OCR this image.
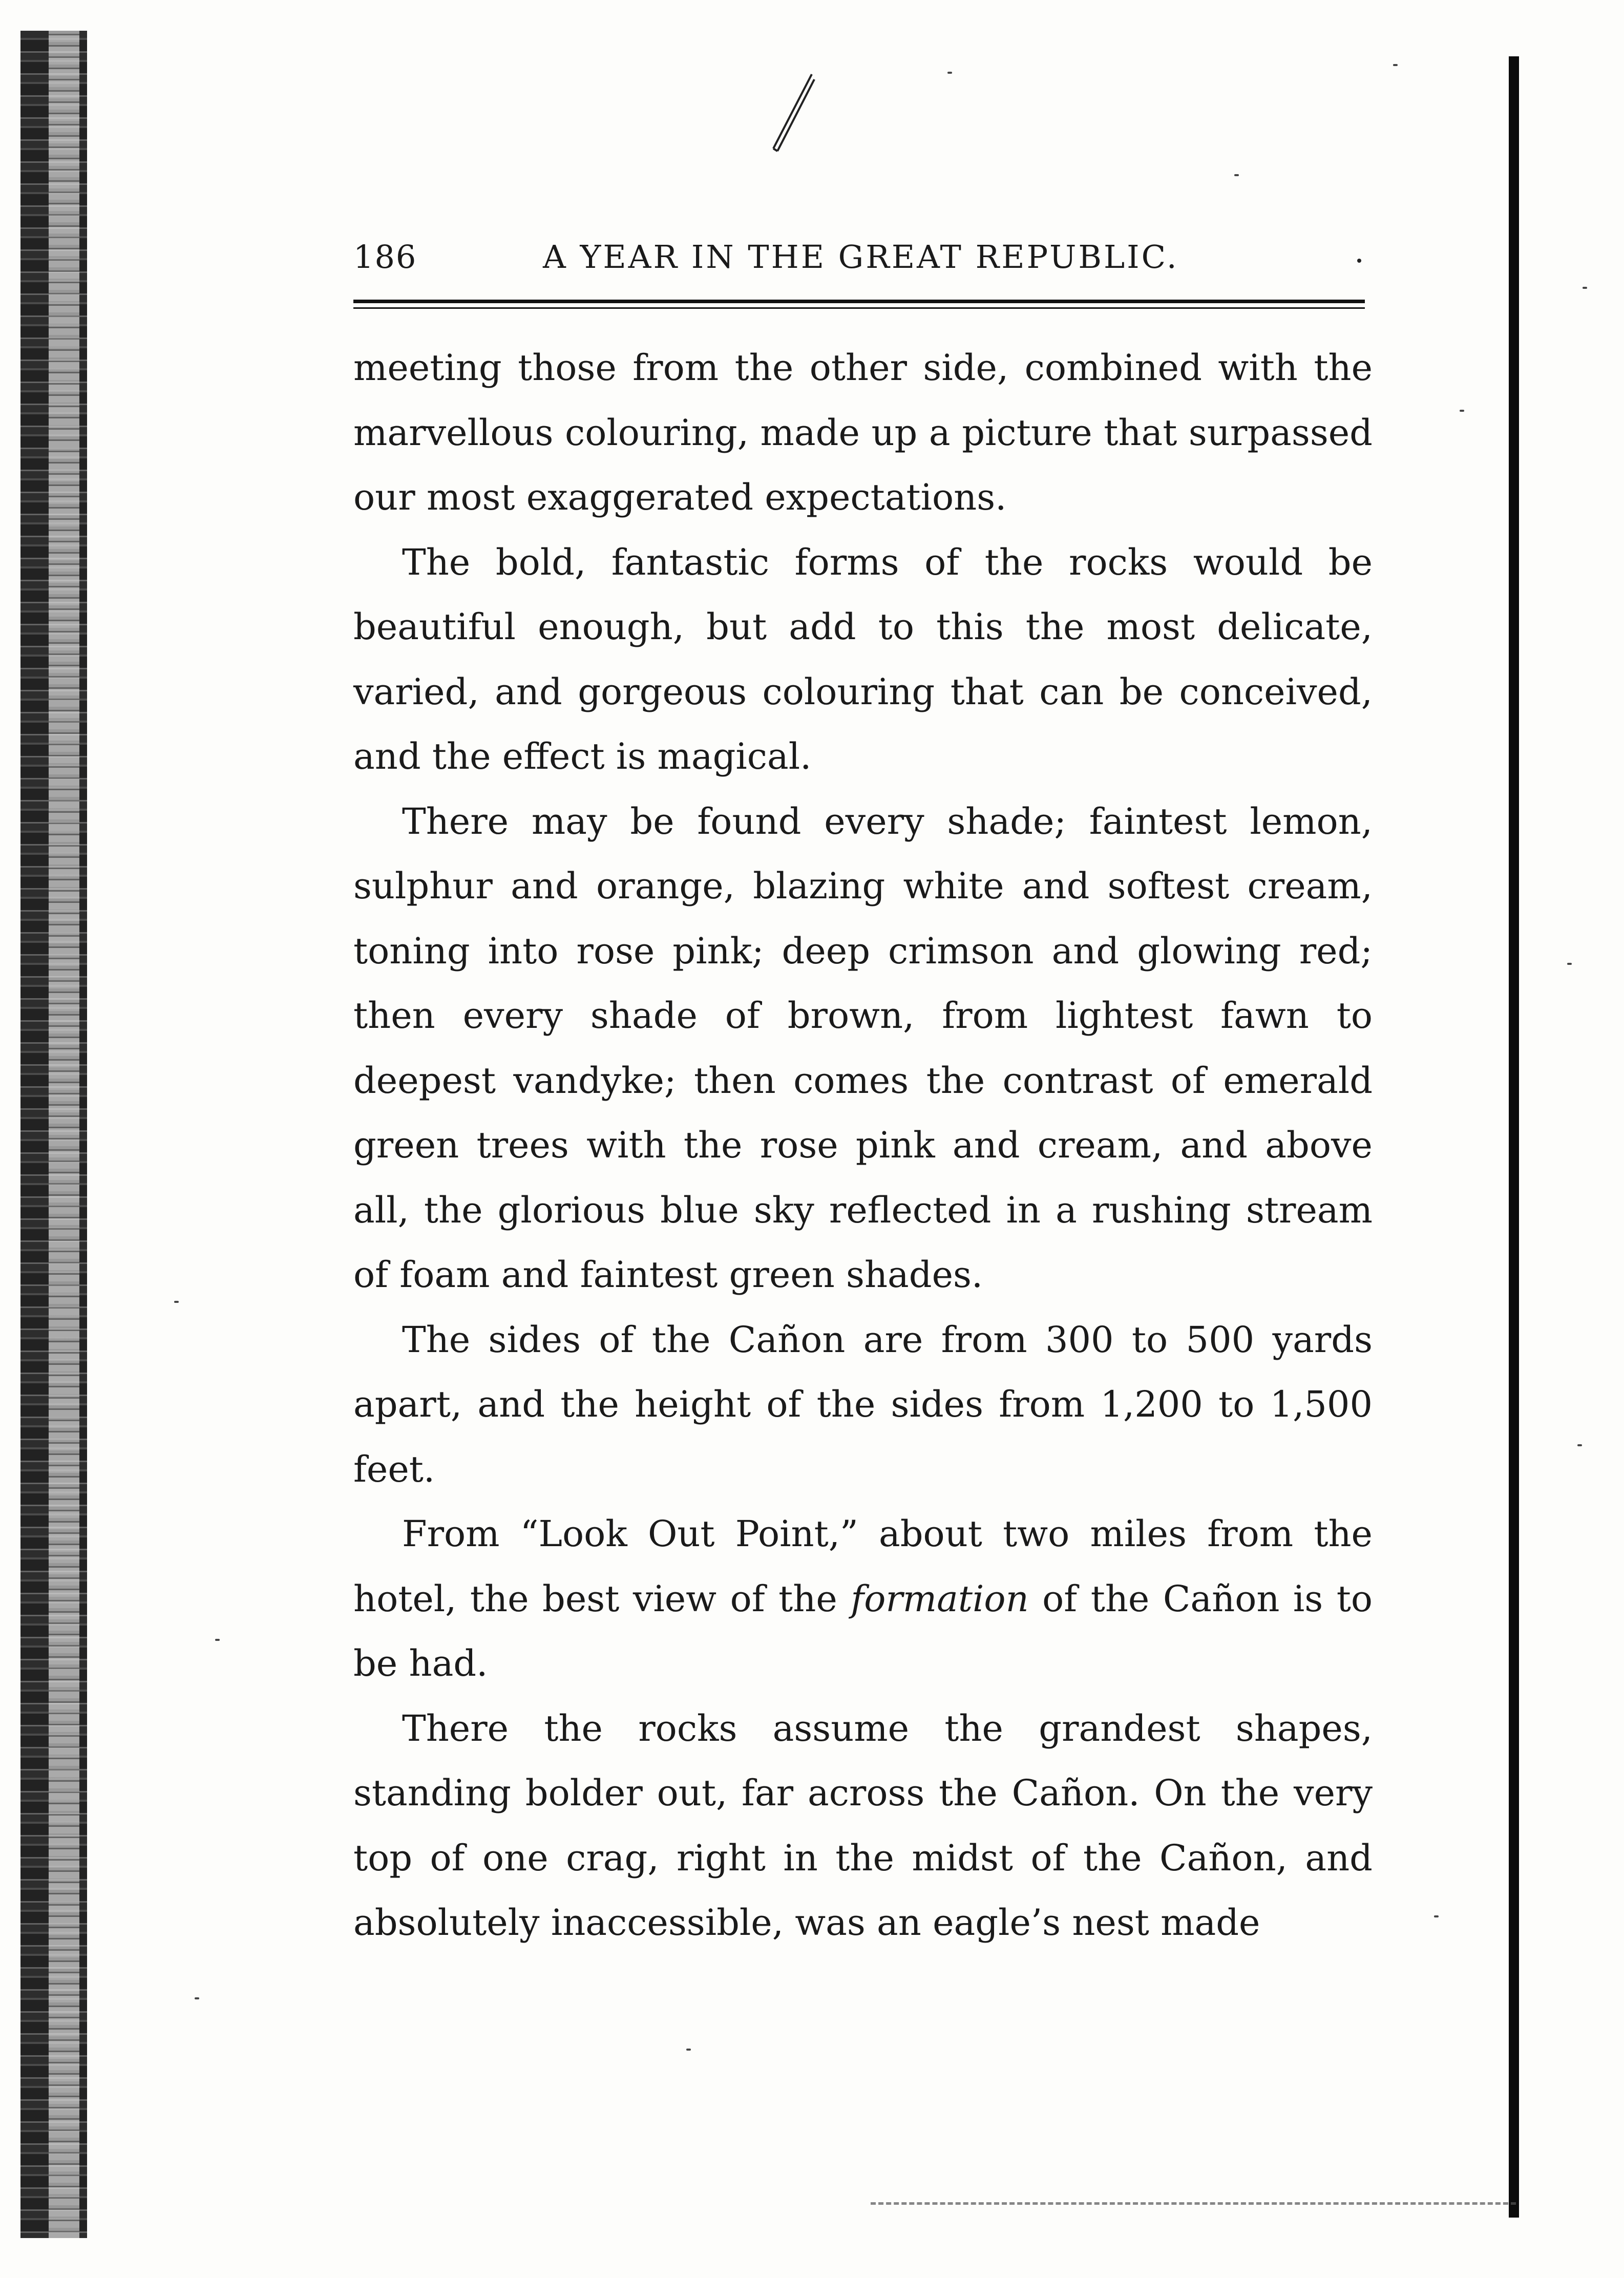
186	A YEAR IN THE GREAT REPUBLIC.

meeting those from the other side, combined with the marvellous colouring, made up a picture that surpassed our most exaggerated expectations.

The bold, fantastic forms of the rocks would be beautiful enough, but add to this the most delicate, varied, and gorgeous colouring that can be conceived, and the effect is magical.

There may be found every shade; faintest lemon, sulphur and orange, blazing white and softest cream, toning into rose pink; deep crimson and glowing red; then every shade of brown, from lightest fawn to deepest vandyke; then comes the contrast of emerald green trees with the rose pink and cream, and above all, the glorious blue sky reflected in a rushing stream of foam and faintest green shades.

The sides of the Cañon are from 300 to 500 yards apart, and the height of the sides from 1,200 to 1,500 feet.

From “Look Out Point,” about two miles from the hotel, the best view of the formation of the Cañon is to be had.

There the rocks assume the grandest shapes, standing bolder out, far across the Cañon. On the very top of one crag, right in the midst of the Cañon, and absolutely inaccessible, was an eagle’s nest made
